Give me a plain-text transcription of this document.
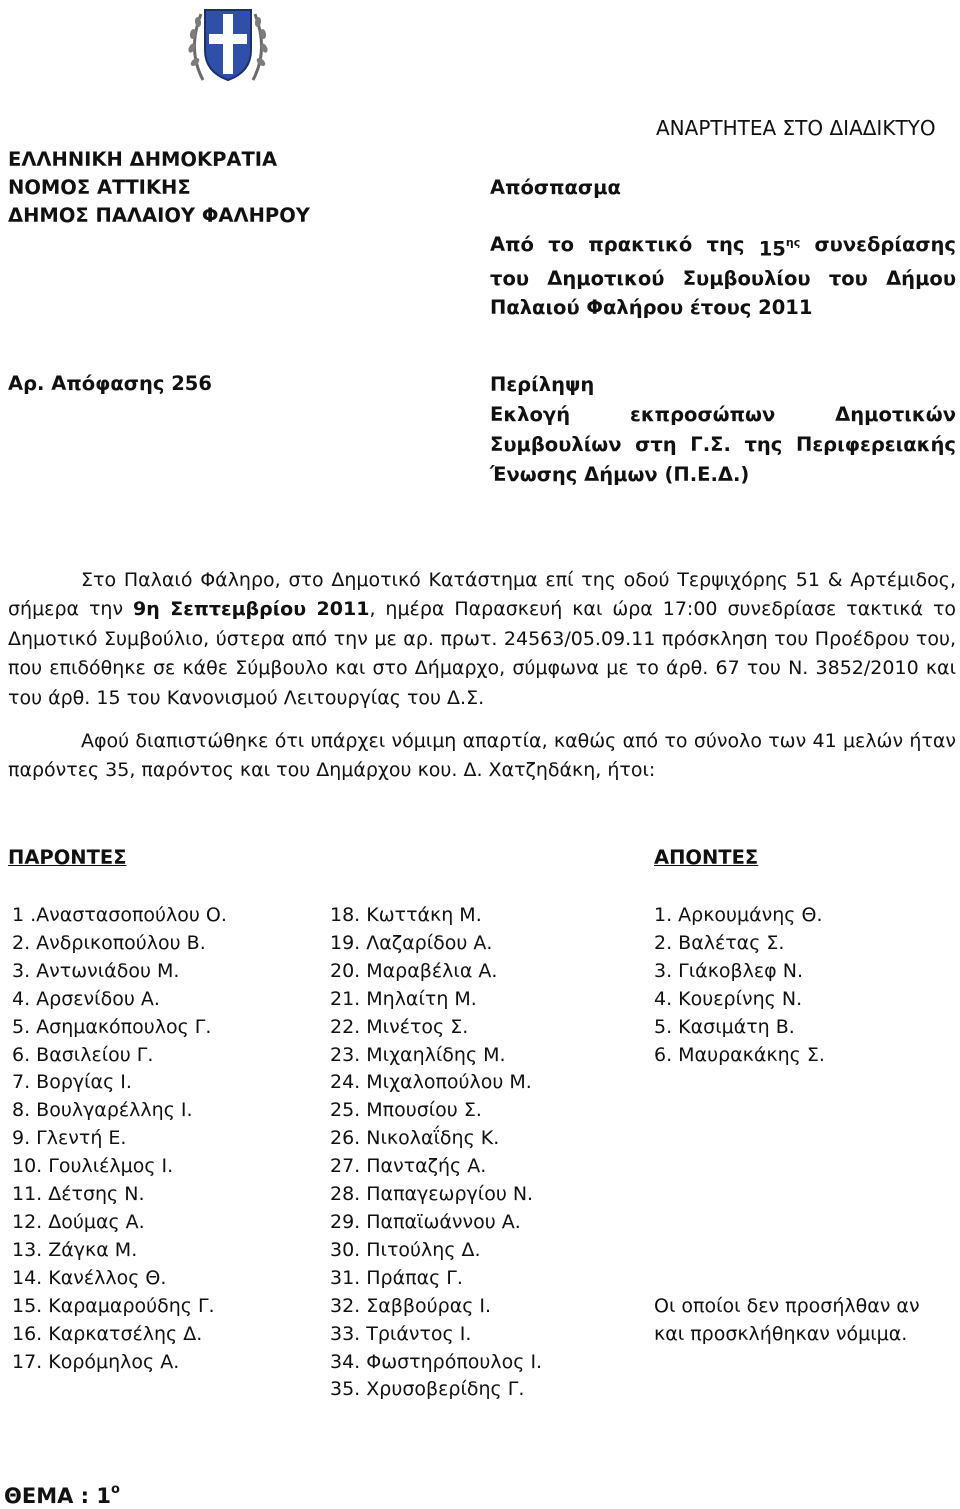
ΕΛΛΗΝΙΚΗ ΔΗΜΟΚΡΑΤΙΑ
ΝΟΜΟΣ ΑΤΤΙΚΗΣ
ΔΗΜΟΣ ΠΑΛΑΙΟΥ ΦΑΛΗΡΟΥ
ΑΝΑΡΤΗΤΕΑ ΣΤΟ ΔΙΑΔΙΚΤΥΟ
Απόσπασμα
Από το πρακτικό της $15^{\eta\varsigma}$ συνεδρίασης
του Δημοτικού Συμβουλίου του Δήμου
Παλαιού Φαλήρου έτους 2011
Αρ. Απόφασης 256	Περίληψη
Εκλογή	εκπροσώπων	Δημοτικών
Συμβουλίων στη Γ.Σ. της Περιφερειακής
Ένωσης Δήμων (Π.Ε.Δ.)

Στο Παλαιό Φάληρο, στο Δημοτικό Κατάστημα επί της οδού Τερψιχόρης 51 & Αρτέμιδος, σήμερα την 9η Σεπτεμβρίου 2011, ημέρα Παρασκευή και ώρα 17:00 συνεδρίασε τακτικά το Δημοτικό Συμβούλιο, ύστερα από την με αρ. πρωτ. 24563/05.09.11 πρόσκληση του Προέδρου του, που επιδόθηκε σε κάθε Σύμβουλο και στο Δήμαρχο, σύμφωνα με το άρθ. 67 του Ν. 3852/2010 και του άρθ. 15 του Κανονισμού Λειτουργίας του Δ.Σ.

Αφού διαπιστώθηκε ότι υπάρχει νόμιμη απαρτία, καθώς από το σύνολο των 41 μελών ήταν παρόντες 35, παρόντος και του Δημάρχου κου. Δ. Χατζηδάκη, ήτοι:

ΠΑΡΟΝΤΕΣ	ΑΠΟΝΤΕΣ
1 .Αναστασοπούλου Ο.
2. Ανδρικοπούλου Β.
3. Αντωνιάδου Μ.
4. Αρσενίδου Α.
5. Ασημακόπουλος Γ.
6. Βασιλείου Γ.
7. Βοργίας Ι.
8. Βουλγαρέλλης Ι.
9. Γλεντή Ε.
10. Γουλιέλμος Ι.
11. Δέτσης Ν.
12. Δούμας Α.
13. Ζάγκα Μ.
14. Κανέλλος Θ.
15. Καραμαρούδης Γ.
16. Καρκατσέλης Δ.
17. Κορόμηλος Α.
18. Κωττάκη Μ.
19. Λαζαρίδου Α.
20. Μαραβέλια Α.
21. Μηλαίτη Μ.
22. Μινέτος Σ.
23. Μιχαηλίδης Μ.
24. Μιχαλοπούλου Μ.
25. Μπουσίου Σ.
26. Νικολαΐδης Κ.
27. Πανταζής Α.
28. Παπαγεωργίου Ν.
29. Παπαϊωάννου Α.
30. Πιτούλης Δ.
31. Πράπας Γ.
32. Σαββούρας Ι.
33. Τριάντος Ι.
34. Φωστηρόπουλος Ι.
35. Χρυσοβερίδης Γ.
1. Αρκουμάνης Θ.
2. Βαλέτας Σ.
3. Γιάκοβλεφ Ν.
4. Κουερίνης Ν.
5. Κασιμάτη Β.
6. Μαυρακάκης Σ.
Οι οποίοι δεν προσήλθαν αν
και προσκλήθηκαν νόμιμα.
ΘΕΜΑ : $1^o$
